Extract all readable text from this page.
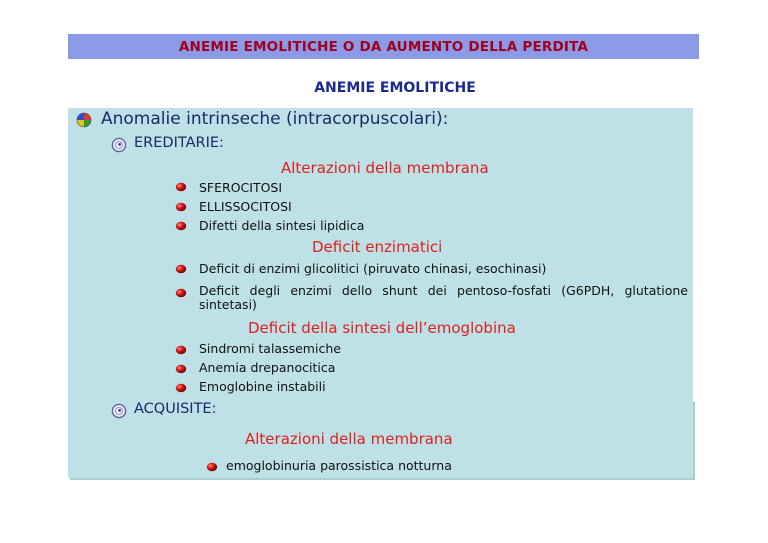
ANEMIE EMOLITICHE O DA AUMENTO DELLA PERDITA
ANEMIE EMOLITICHE
Anomalie intrinseche (intracorpuscolari):
EREDITARIE:
Alterazioni della membrana
SFEROCITOSI
ELLISSOCITOSI
Difetti della sintesi lipidica
Deficit enzimatici
Deficit di enzimi glicolitici (piruvato chinasi, esochinasi)
Deficit degli enzimi dello shunt dei pentoso-fosfati (G6PDH, glutatione sintetasi)
Deficit della sintesi dell’emoglobina
Sindromi talassemiche
Anemia drepanocitica
Emoglobine instabili
ACQUISITE:
Alterazioni della membrana
emoglobinuria parossistica notturna
